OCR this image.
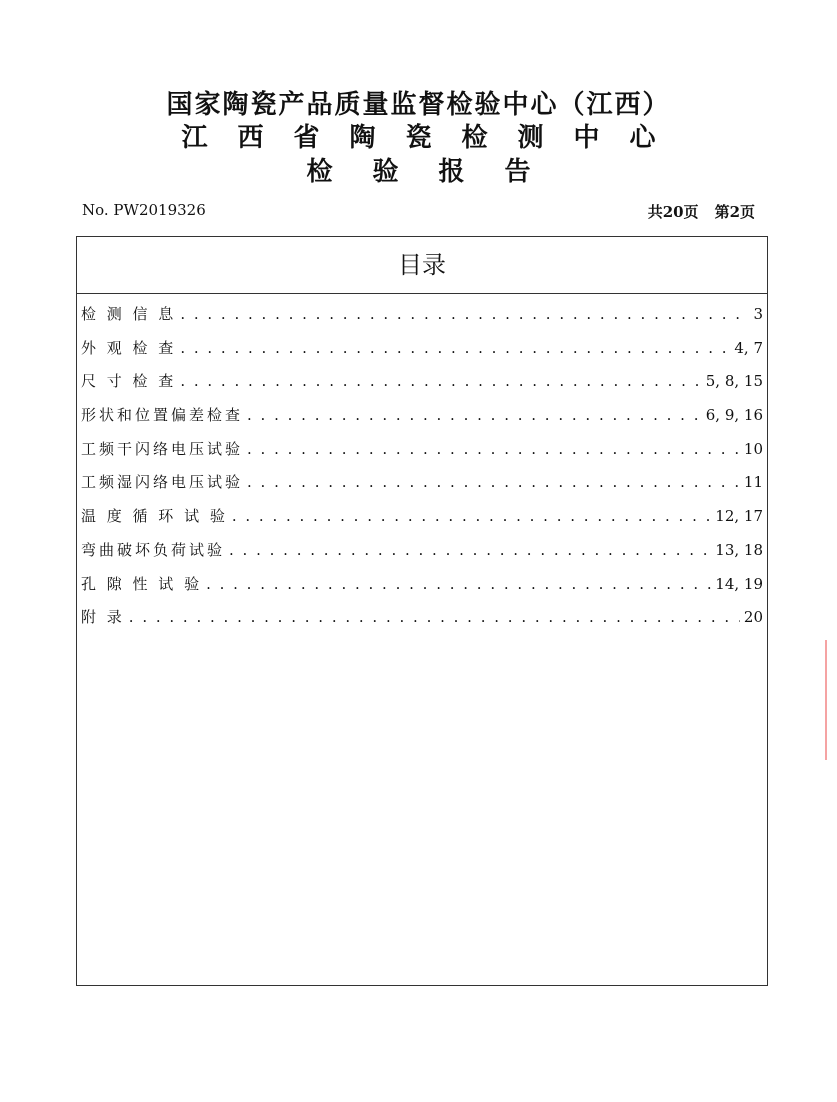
国家陶瓷产品质量监督检验中心（江西）
江西省陶瓷检测中心
检验报告
No. PW2019326	共20页 第2页
目录
检 测 信 息 . . .	3
外 观 检 查 . . .	4, 7
尺 寸 检 查 . . .	5, 8, 15
形状和位置偏差检查 . . .	6, 9, 16
工频干闪络电压试验 . . .	10
工频湿闪络电压试验 . . .	11
温 度 循 环 试 验 . . .	12, 17
弯曲破坏负荷试验 . . .	13, 18
孔 隙 性 试 验 . . .	14, 19
附 录 . . .	20
